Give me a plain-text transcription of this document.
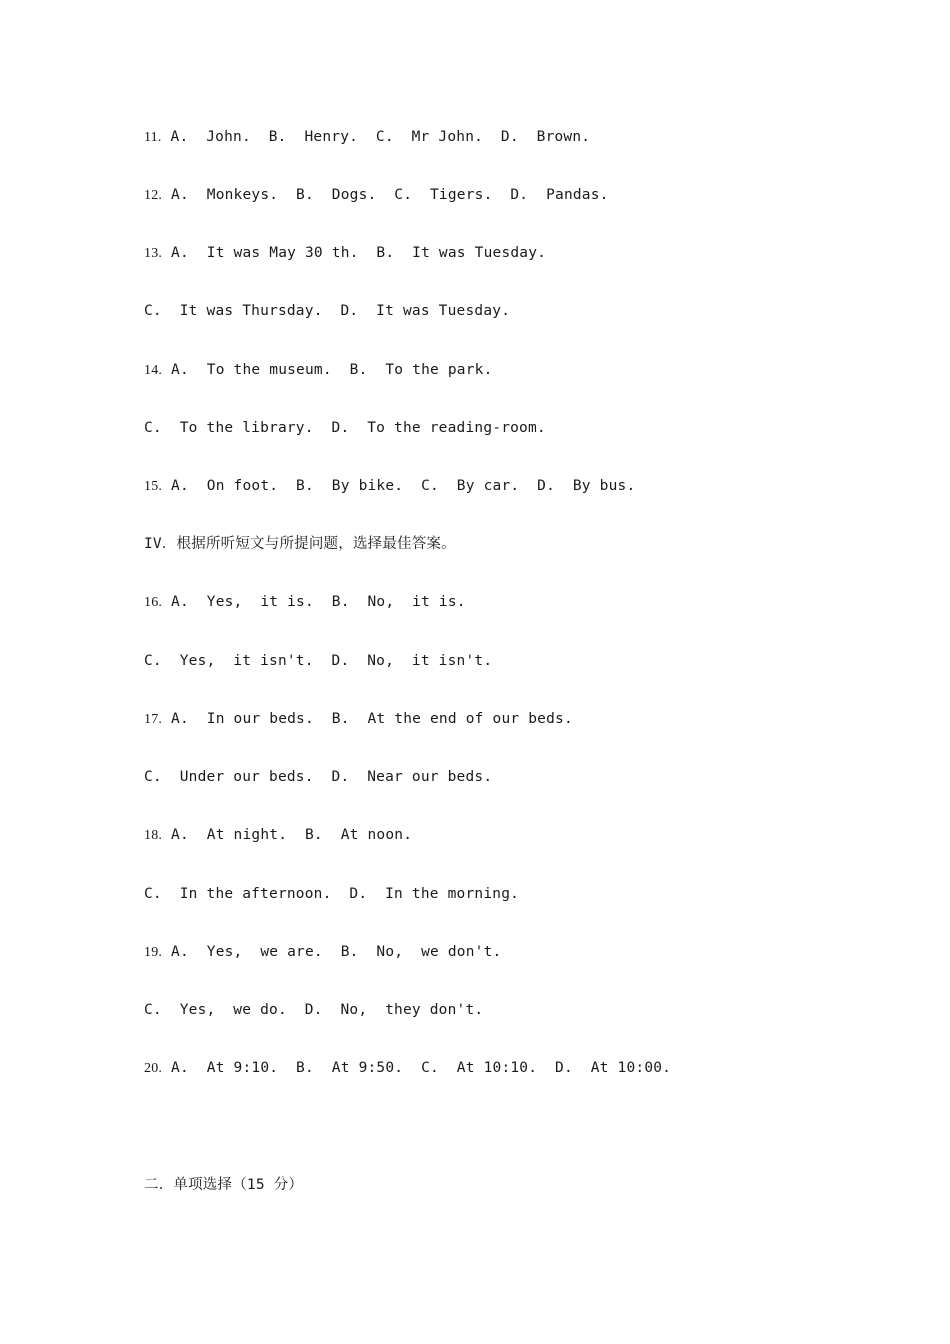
11. A.  John.  B.  Henry.  C.  Mr John.  D.  Brown.
12. A.  Monkeys.  B.  Dogs.  C.  Tigers.  D.  Pandas.
13. A.  It was May 30 th.  B.  It was Tuesday.
C.  It was Thursday.  D.  It was Tuesday.
14. A.  To the museum.  B.  To the park.
C.  To the library.  D.  To the reading-room.
15. A.  On foot.  B.  By bike.  C.  By car.  D.  By bus.
IV．根据所听短文与所提问题，选择最佳答案。
16. A.  Yes,  it is.  B.  No,  it is.
C.  Yes,  it isn't.  D.  No,  it isn't.
17. A.  In our beds.  B.  At the end of our beds.
C.  Under our beds.  D.  Near our beds.
18. A.  At night.  B.  At noon.
C.  In the afternoon.  D.  In the morning.
19. A.  Yes,  we are.  B.  No,  we don't.
C.  Yes,  we do.  D.  No,  they don't.
20. A.  At 9:10.  B.  At 9:50.  C.  At 10:10.  D.  At 10:00.
二．单项选择（15 分）
